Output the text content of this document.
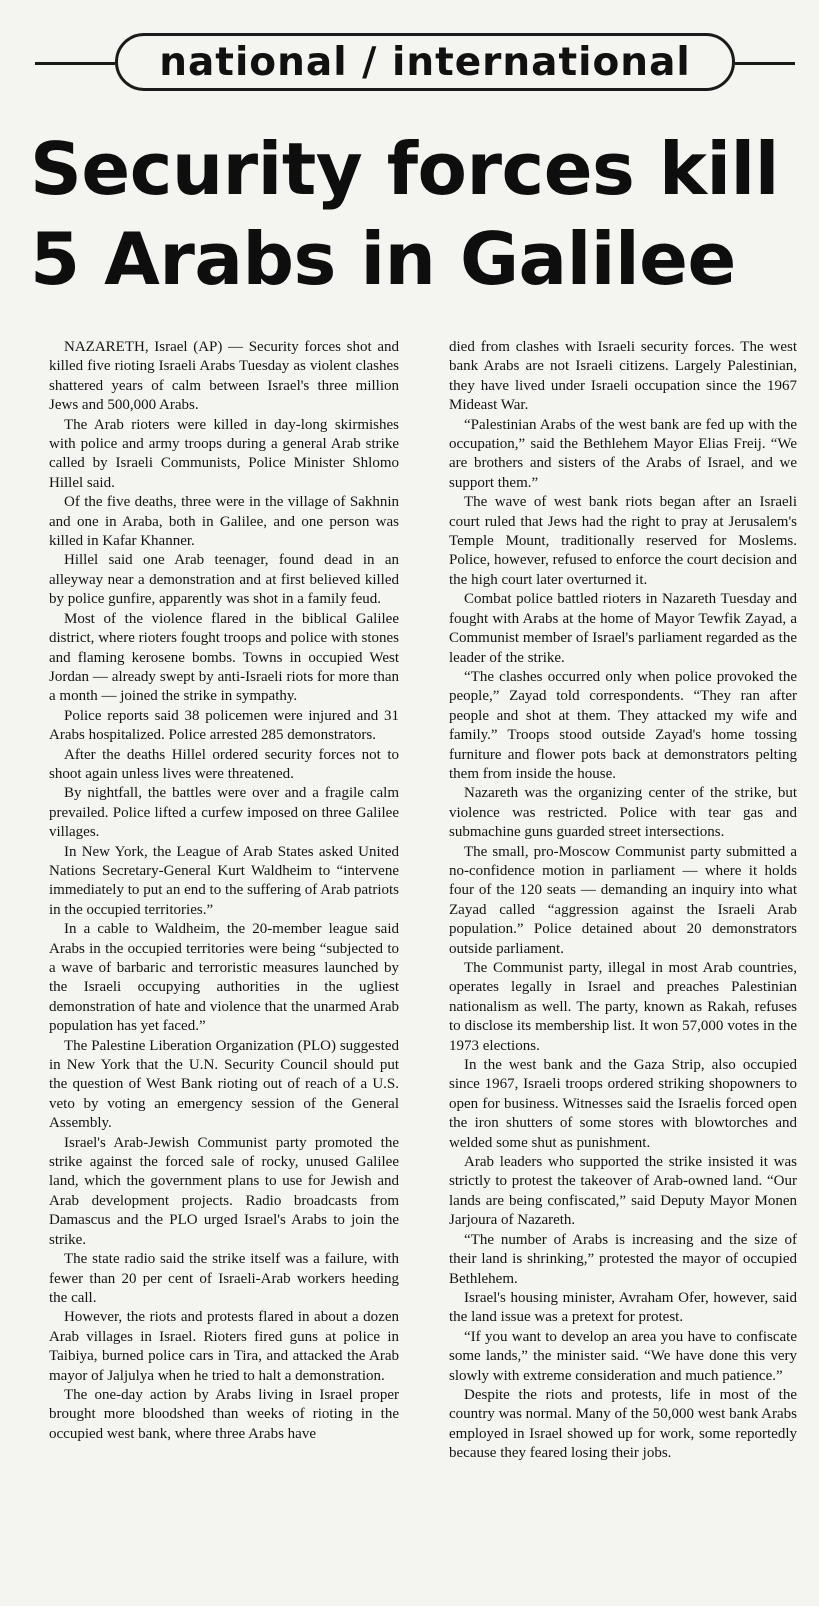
national / international
Security forces kill
5 Arabs in Galilee

NAZARETH, Israel (AP) — Security forces shot and killed five rioting Israeli Arabs Tuesday as violent clashes shattered years of calm between Israel's three million Jews and 500,000 Arabs.

The Arab rioters were killed in day-long skirmishes with police and army troops during a general Arab strike called by Israeli Communists, Police Minister Shlomo Hillel said.

Of the five deaths, three were in the village of Sakhnin and one in Araba, both in Galilee, and one person was killed in Kafar Khanner.

Hillel said one Arab teenager, found dead in an alleyway near a demonstration and at first believed killed by police gunfire, apparently was shot in a family feud.

Most of the violence flared in the biblical Galilee district, where rioters fought troops and police with stones and flaming kerosene bombs. Towns in occupied West Jordan — already swept by anti-Israeli riots for more than a month — joined the strike in sympathy.

Police reports said 38 policemen were injured and 31 Arabs hospitalized. Police arrested 285 demonstrators.

After the deaths Hillel ordered security forces not to shoot again unless lives were threatened.

By nightfall, the battles were over and a fragile calm prevailed. Police lifted a curfew imposed on three Galilee villages.

In New York, the League of Arab States asked United Nations Secretary-General Kurt Waldheim to “intervene immediately to put an end to the suffering of Arab patriots in the occupied territories.”

In a cable to Waldheim, the 20-member league said Arabs in the occupied territories were being “subjected to a wave of barbaric and terroristic measures launched by the Israeli occupying authorities in the ugliest demonstration of hate and violence that the unarmed Arab population has yet faced.”

The Palestine Liberation Organization (PLO) suggested in New York that the U.N. Security Council should put the question of West Bank rioting out of reach of a U.S. veto by voting an emergency session of the General Assembly.

Israel's Arab-Jewish Communist party promoted the strike against the forced sale of rocky, unused Galilee land, which the government plans to use for Jewish and Arab development projects. Radio broadcasts from Damascus and the PLO urged Israel's Arabs to join the strike.

The state radio said the strike itself was a failure, with fewer than 20 per cent of Israeli-Arab workers heeding the call.

However, the riots and protests flared in about a dozen Arab villages in Israel. Rioters fired guns at police in Taibiya, burned police cars in Tira, and attacked the Arab mayor of Jaljulya when he tried to halt a demonstration.

The one-day action by Arabs living in Israel proper brought more bloodshed than weeks of rioting in the occupied west bank, where three Arabs have

died from clashes with Israeli security forces. The west bank Arabs are not Israeli citizens. Largely Palestinian, they have lived under Israeli occupation since the 1967 Mideast War.

“Palestinian Arabs of the west bank are fed up with the occupation,” said the Bethlehem Mayor Elias Freij. “We are brothers and sisters of the Arabs of Israel, and we support them.”

The wave of west bank riots began after an Israeli court ruled that Jews had the right to pray at Jerusalem's Temple Mount, traditionally reserved for Moslems. Police, however, refused to enforce the court decision and the high court later overturned it.

Combat police battled rioters in Nazareth Tuesday and fought with Arabs at the home of Mayor Tewfik Zayad, a Communist member of Israel's parliament regarded as the leader of the strike.

“The clashes occurred only when police provoked the people,” Zayad told correspondents. “They ran after people and shot at them. They attacked my wife and family.” Troops stood outside Zayad's home tossing furniture and flower pots back at demonstrators pelting them from inside the house.

Nazareth was the organizing center of the strike, but violence was restricted. Police with tear gas and submachine guns guarded street intersections.

The small, pro-Moscow Communist party submitted a no-confidence motion in parliament — where it holds four of the 120 seats — demanding an inquiry into what Zayad called “aggression against the Israeli Arab population.” Police detained about 20 demonstrators outside parliament.

The Communist party, illegal in most Arab countries, operates legally in Israel and preaches Palestinian nationalism as well. The party, known as Rakah, refuses to disclose its membership list. It won 57,000 votes in the 1973 elections.

In the west bank and the Gaza Strip, also occupied since 1967, Israeli troops ordered striking shopowners to open for business. Witnesses said the Israelis forced open the iron shutters of some stores with blowtorches and welded some shut as punishment.

Arab leaders who supported the strike insisted it was strictly to protest the takeover of Arab-owned land. “Our lands are being confiscated,” said Deputy Mayor Monen Jarjoura of Nazareth.

“The number of Arabs is increasing and the size of their land is shrinking,” protested the mayor of occupied Bethlehem.

Israel's housing minister, Avraham Ofer, however, said the land issue was a pretext for protest.

“If you want to develop an area you have to confiscate some lands,” the minister said. “We have done this very slowly with extreme consideration and much patience.”

Despite the riots and protests, life in most of the country was normal. Many of the 50,000 west bank Arabs employed in Israel showed up for work, some reportedly because they feared losing their jobs.
